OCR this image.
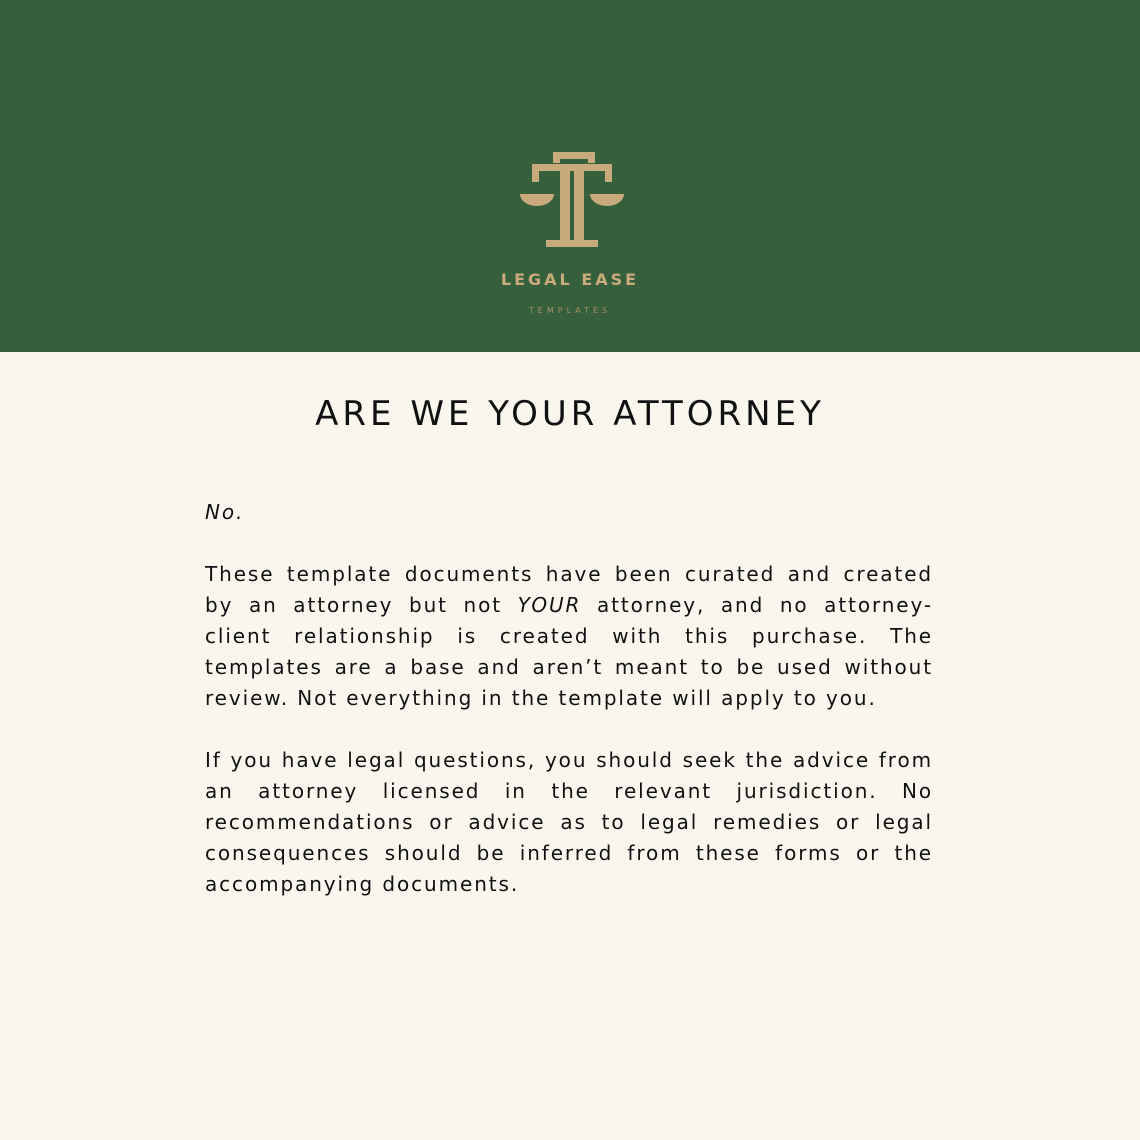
LEGAL EASE
TEMPLATES
ARE WE YOUR ATTORNEY

No.

These template documents have been curated and created by an attorney but not YOUR attorney, and no attorney-client relationship is created with this purchase. The templates are a base and aren’t meant to be used without review. Not everything in the template will apply to you.

If you have legal questions, you should seek the advice from an attorney licensed in the relevant jurisdiction. No recommendations or advice as to legal remedies or legal consequences should be inferred from these forms or the accompanying documents.
